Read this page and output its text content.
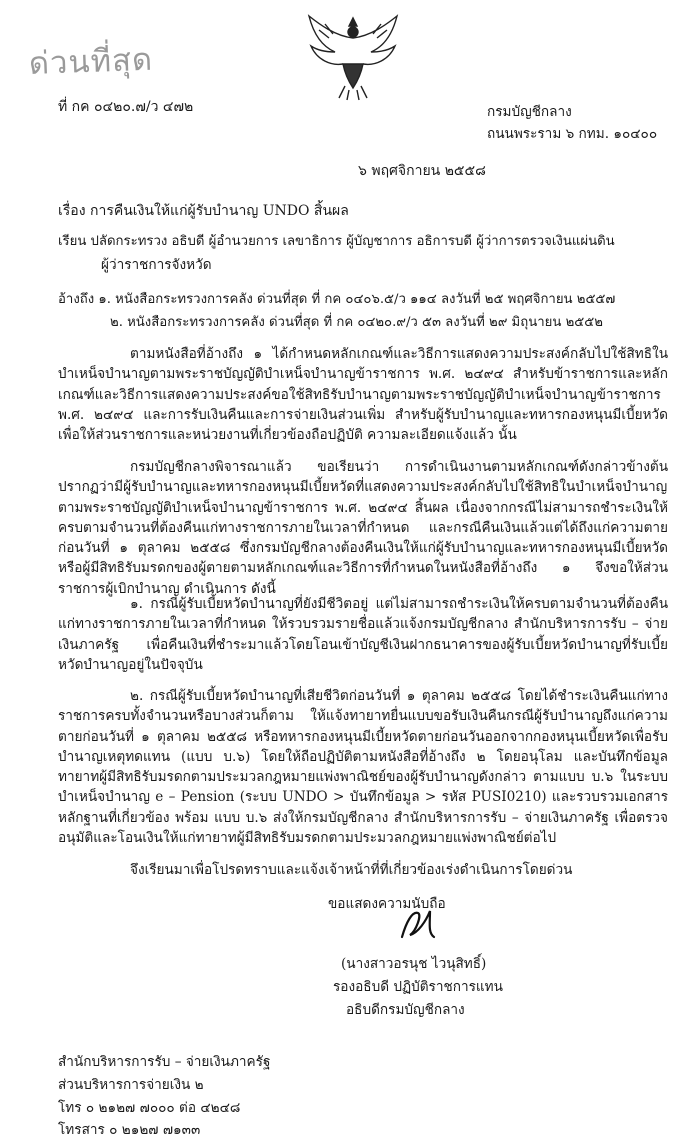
ด่วนที่สุด
ที่ กค ๐๔๒๐.๗/ว ๔๗๒	กรมบัญชีกลาง
ถนนพระราม ๖ กทม. ๑๐๔๐๐
๖ พฤศจิกายน ๒๕๕๘
เรื่อง การคืนเงินให้แก่ผู้รับบำนาญ UNDO สิ้นผล
เรียน ปลัดกระทรวง อธิบดี ผู้อำนวยการ เลขาธิการ ผู้บัญชาการ อธิการบดี ผู้ว่าการตรวจเงินแผ่นดิน
ผู้ว่าราชการจังหวัด
อ้างถึง ๑. หนังสือกระทรวงการคลัง ด่วนที่สุด ที่ กค ๐๔๐๖.๕/ว ๑๑๔ ลงวันที่ ๒๕ พฤศจิกายน ๒๕๕๗
๒. หนังสือกระทรวงการคลัง ด่วนที่สุด ที่ กค ๐๔๒๐.๙/ว ๕๓ ลงวันที่ ๒๙ มิถุนายน ๒๕๕๒
ตามหนังสือที่อ้างถึง ๑ ได้กำหนดหลักเกณฑ์และวิธีการแสดงความประสงค์กลับไปใช้สิทธิในบำเหน็จบำนาญตามพระราชบัญญัติบำเหน็จบำนาญข้าราชการ พ.ศ. ๒๔๙๔ สำหรับข้าราชการและหลักเกณฑ์และวิธีการแสดงความประสงค์ขอใช้สิทธิรับบำนาญตามพระราชบัญญัติบำเหน็จบำนาญข้าราชการ พ.ศ. ๒๔๙๔ และการรับเงินคืนและการจ่ายเงินส่วนเพิ่ม สำหรับผู้รับบำนาญและทหารกองหนุนมีเบี้ยหวัด เพื่อให้ส่วนราชการและหน่วยงานที่เกี่ยวข้องถือปฏิบัติ ความละเอียดแจ้งแล้ว นั้น
กรมบัญชีกลางพิจารณาแล้ว ขอเรียนว่า การดำเนินงานตามหลักเกณฑ์ดังกล่าวข้างต้น ปรากฏว่ามีผู้รับบำนาญและทหารกองหนุนมีเบี้ยหวัดที่แสดงความประสงค์กลับไปใช้สิทธิในบำเหน็จบำนาญตามพระราชบัญญัติบำเหน็จบำนาญข้าราชการ พ.ศ. ๒๔๙๔ สิ้นผล เนื่องจากกรณีไม่สามารถชำระเงินให้ครบตามจำนวนที่ต้องคืนแก่ทางราชการภายในเวลาที่กำหนด และกรณีคืนเงินแล้วแต่ได้ถึงแก่ความตายก่อนวันที่ ๑ ตุลาคม ๒๕๕๘ ซึ่งกรมบัญชีกลางต้องคืนเงินให้แก่ผู้รับบำนาญและทหารกองหนุนมีเบี้ยหวัดหรือผู้มีสิทธิรับมรดกของผู้ตายตามหลักเกณฑ์และวิธีการที่กำหนดในหนังสือที่อ้างถึง ๑ จึงขอให้ส่วนราชการผู้เบิกบำนาญ ดำเนินการ ดังนี้
๑. กรณีผู้รับเบี้ยหวัดบำนาญที่ยังมีชีวิตอยู่ แต่ไม่สามารถชำระเงินให้ครบตามจำนวนที่ต้องคืนแก่ทางราชการภายในเวลาที่กำหนด ให้รวบรวมรายชื่อแล้วแจ้งกรมบัญชีกลาง สำนักบริหารการรับ – จ่ายเงินภาครัฐ เพื่อคืนเงินที่ชำระมาแล้วโดยโอนเข้าบัญชีเงินฝากธนาคารของผู้รับเบี้ยหวัดบำนาญที่รับเบี้ยหวัดบำนาญอยู่ในปัจจุบัน
๒. กรณีผู้รับเบี้ยหวัดบำนาญที่เสียชีวิตก่อนวันที่ ๑ ตุลาคม ๒๕๕๘ โดยได้ชำระเงินคืนแก่ทางราชการครบทั้งจำนวนหรือบางส่วนก็ตาม ให้แจ้งทายาทยื่นแบบขอรับเงินคืนกรณีผู้รับบำนาญถึงแก่ความตายก่อนวันที่ ๑ ตุลาคม ๒๕๕๘ หรือทหารกองหนุนมีเบี้ยหวัดตายก่อนวันออกจากกองหนุนเบี้ยหวัดเพื่อรับบำนาญเหตุทดแทน (แบบ บ.๖) โดยให้ถือปฏิบัติตามหนังสือที่อ้างถึง ๒ โดยอนุโลม และบันทึกข้อมูลทายาทผู้มีสิทธิรับมรดกตามประมวลกฎหมายแพ่งพาณิชย์ของผู้รับบำนาญดังกล่าว ตามแบบ บ.๖ ในระบบบำเหน็จบำนาญ e – Pension (ระบบ UNDO > บันทึกข้อมูล > รหัส PUSI0210) และรวบรวมเอกสารหลักฐานที่เกี่ยวข้อง พร้อม แบบ บ.๖ ส่งให้กรมบัญชีกลาง สำนักบริหารการรับ – จ่ายเงินภาครัฐ เพื่อตรวจอนุมัติและโอนเงินให้แก่ทายาทผู้มีสิทธิรับมรดกตามประมวลกฎหมายแพ่งพาณิชย์ต่อไป
จึงเรียนมาเพื่อโปรดทราบและแจ้งเจ้าหน้าที่ที่เกี่ยวข้องเร่งดำเนินการโดยด่วน
ขอแสดงความนับถือ
(นางสาวอรนุช ไวนุสิทธิ์)
รองอธิบดี ปฏิบัติราชการแทน
อธิบดีกรมบัญชีกลาง
สำนักบริหารการรับ – จ่ายเงินภาครัฐ
ส่วนบริหารการจ่ายเงิน ๒
โทร ๐ ๒๑๒๗ ๗๐๐๐ ต่อ ๔๒๔๘
โทรสาร ๐ ๒๑๒๗ ๗๑๓๓
